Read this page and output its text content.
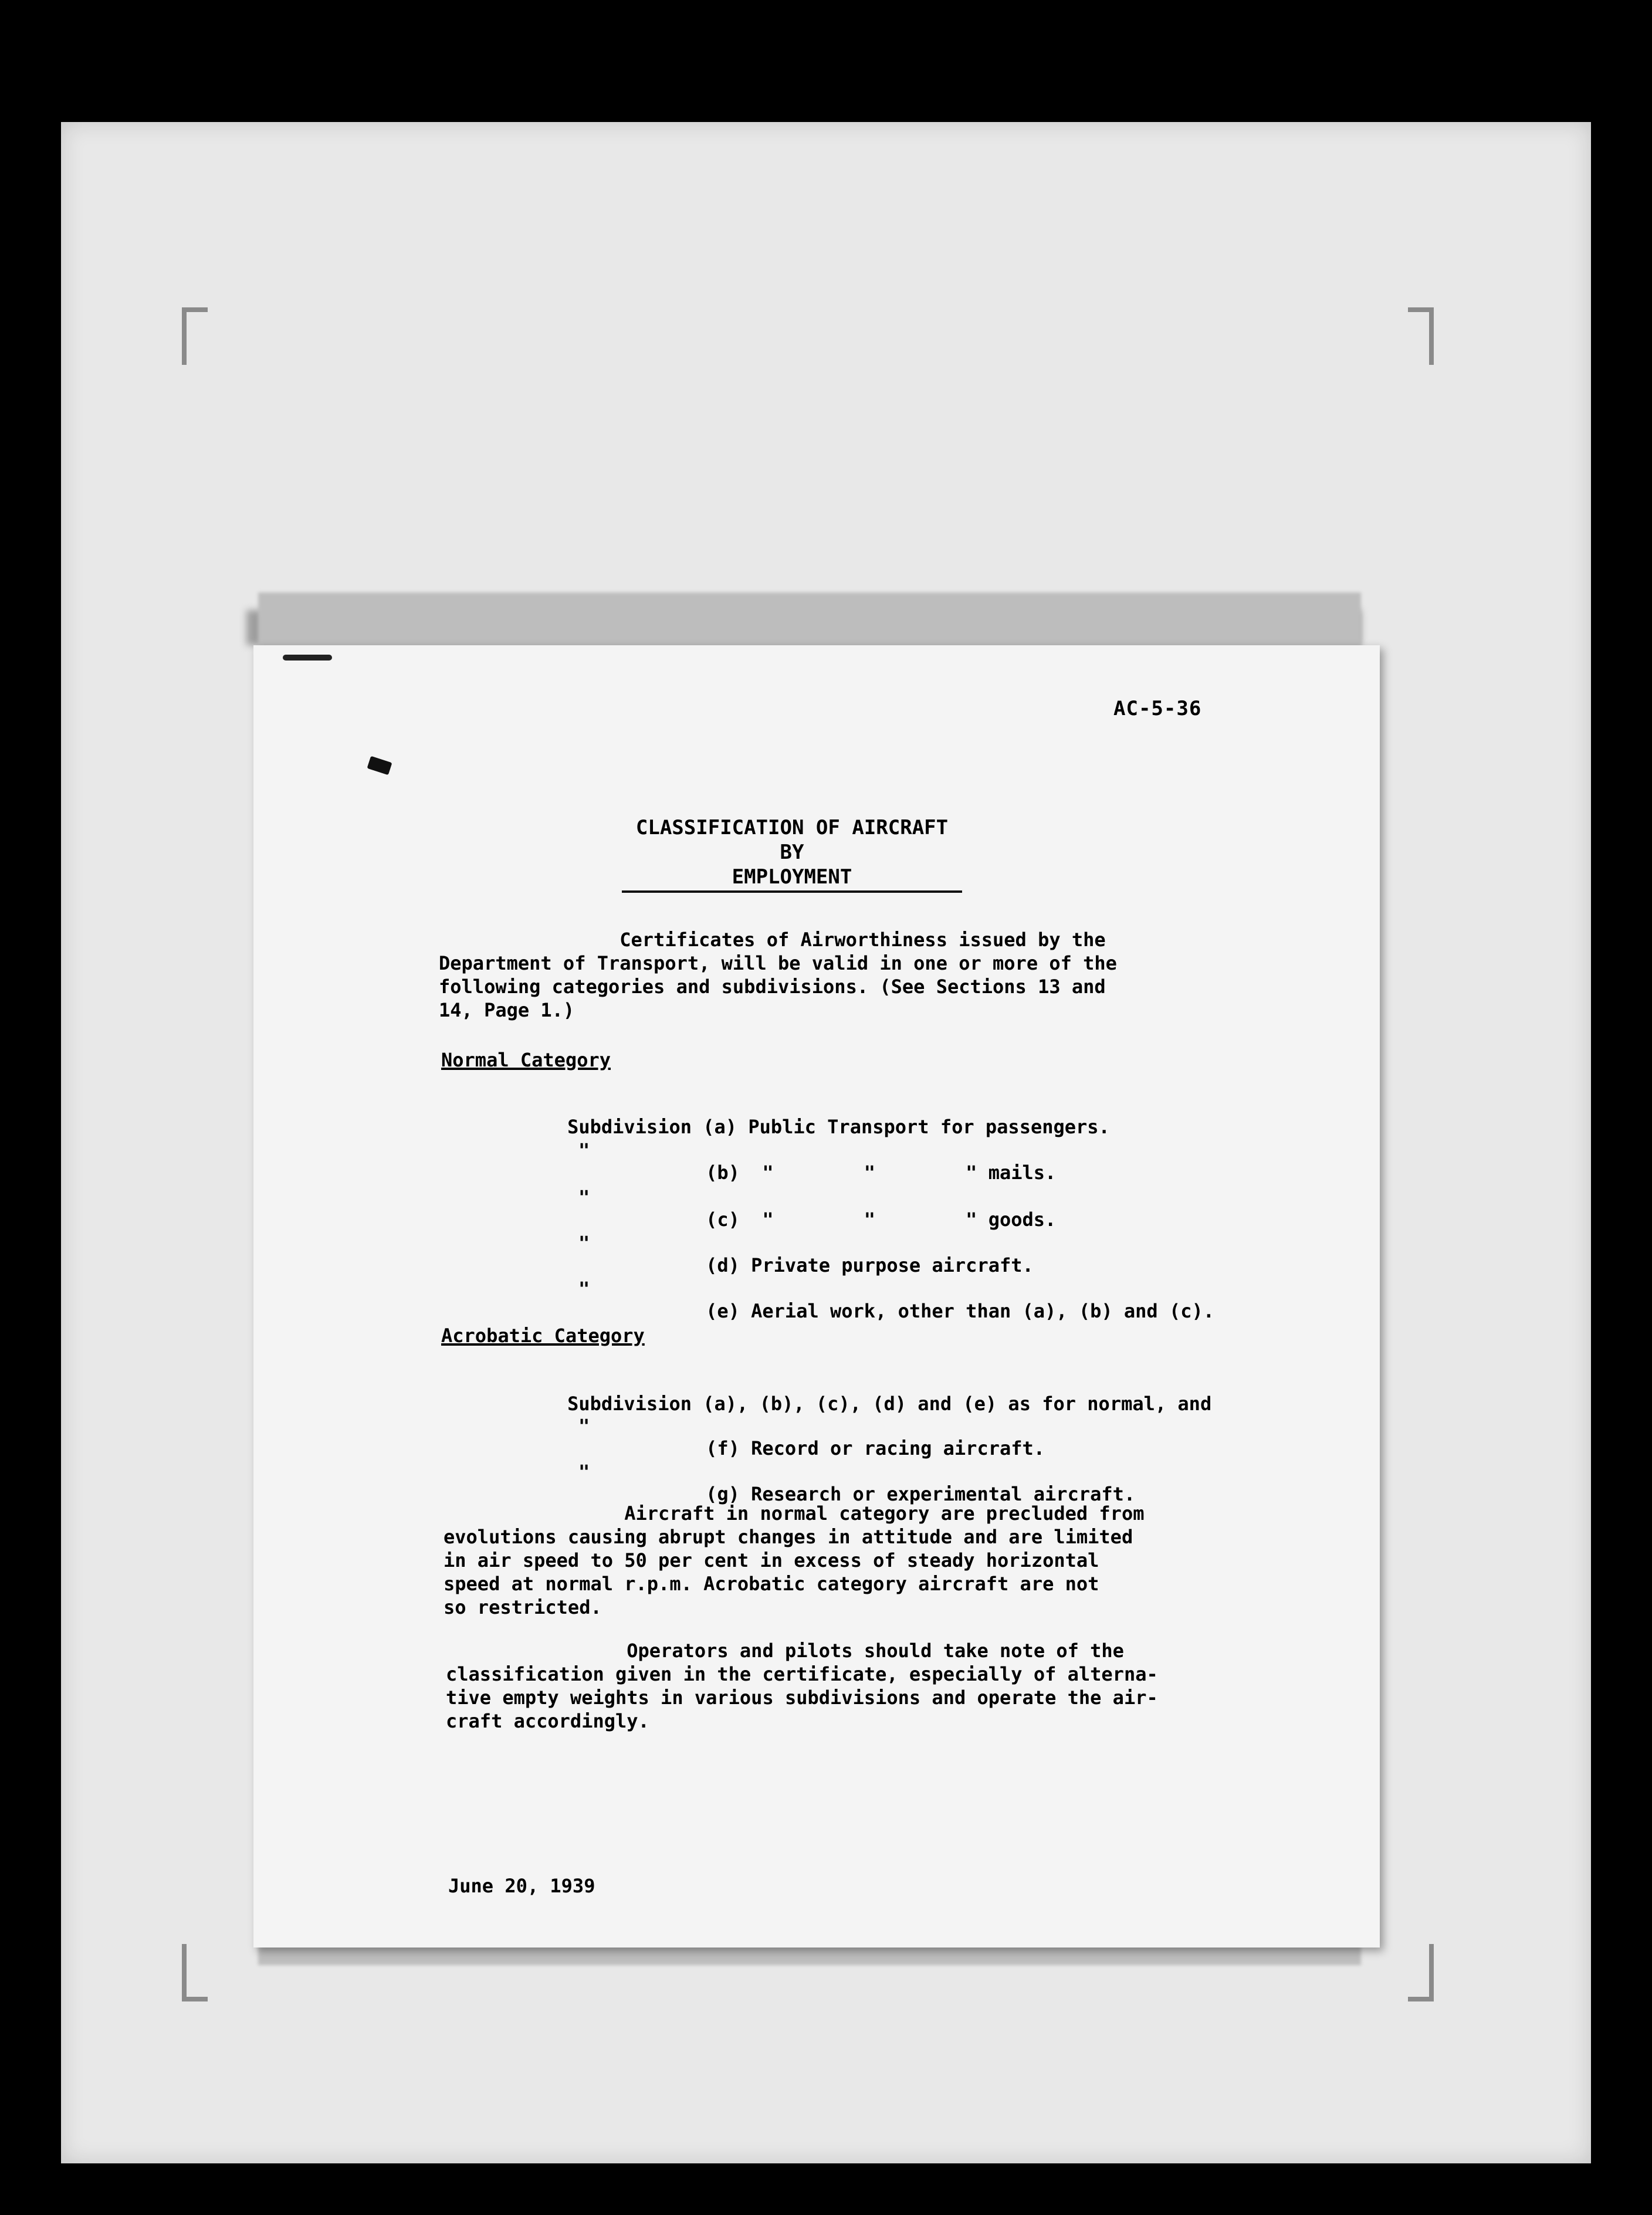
AC-5-36
CLASSIFICATION OF AIRCRAFT BY
EMPLOYMENT
Certificates of Airworthiness issued by the
Department of Transport, will be valid in one or more of the
following categories and subdivisions. (See Sections 13 and
14, Page 1.)
Normal Category

Subdivision (a) Public Transport for passengers.

"

(b) "        "        " mails.

"

(c) "        "        " goods.

"

(d) Private purpose aircraft.

"

(e) Aerial work, other than (a), (b) and (c).

Acrobatic Category

Subdivision (a), (b), (c), (d) and (e) as for normal, and

"

(f) Record or racing aircraft.

"

(g) Research or experimental aircraft.

Aircraft in normal category are precluded from
evolutions causing abrupt changes in attitude and are limited
in air speed to 50 per cent in excess of steady horizontal
speed at normal r.p.m. Acrobatic category aircraft are not
so restricted.
Operators and pilots should take note of the
classification given in the certificate, especially of alterna-
tive empty weights in various subdivisions and operate the air-
craft accordingly.
June 20, 1939
